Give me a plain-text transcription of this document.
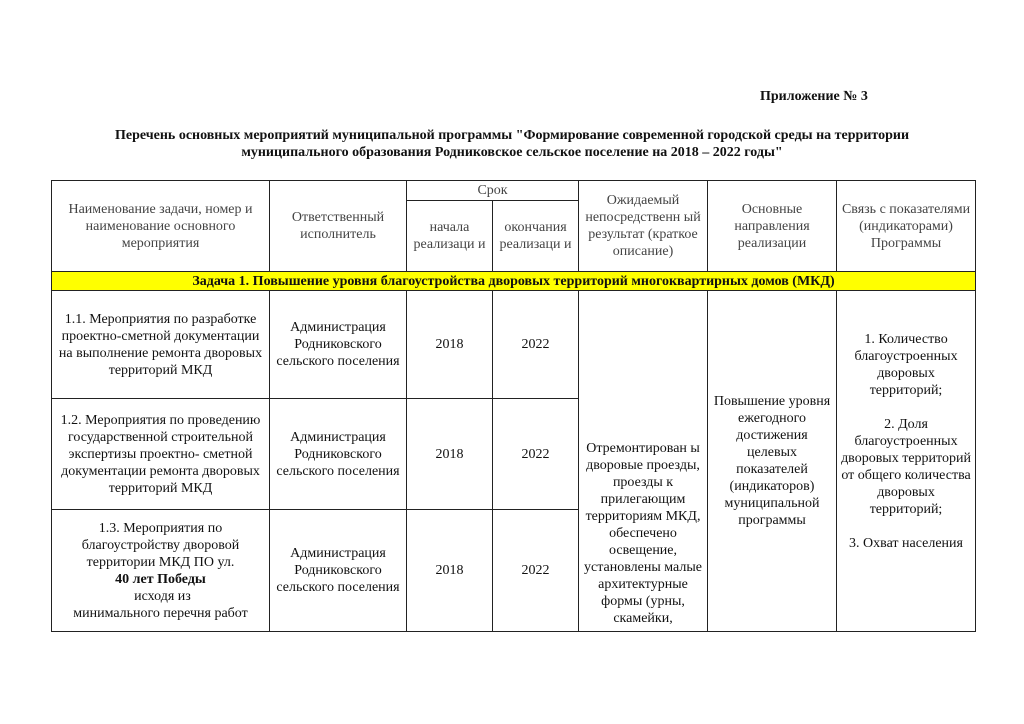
Приложение № 3
Перечень основных мероприятий муниципальной программы "Формирование современной городской среды на территории
муниципального образования Родниковское сельское поселение на 2018 – 2022 годы"
Наименование задачи, номер и наименование основного мероприятия	Ответственный исполнитель	Срок		Ожидаемый непосредственн ый результат (краткое описание)	Основные направления реализации	Связь с показателями (индикаторами) Программы
		начала реализаци и	окончания реализаци и			
Задача 1. Повышение уровня благоустройства дворовых территорий многоквартирных домов (МКД)						
1.1. Мероприятия по разработке проектно-сметной документации на выполнение ремонта дворовых территорий МКД	Администрация Родниковского сельского поселения	2018	2022	Отремонтирован ы дворовые проезды, проезды к прилегающим территориям МКД, обеспечено освещение, установлены малые архитектурные формы (урны, скамейки,	Повышение уровня ежегодного достижения целевых показателей (индикаторов) муниципальной программы	1. Количество благоустроенных дворовых территорий;
2. Доля благоустроенных дворовых территорий от общего количества дворовых территорий;
3. Охват населения

1.2. Мероприятия по проведению государственной строительной экспертизы проектно- сметной документации ремонта дворовых территорий МКД	Администрация Родниковского сельского поселения	2018	2022			

1.3. Мероприятия по благоустройству дворовой территории МКД ПО ул.
40 лет Победы
исходя из
минимального перечня работ	Администрация Родниковского сельского поселения	2018	2022			
